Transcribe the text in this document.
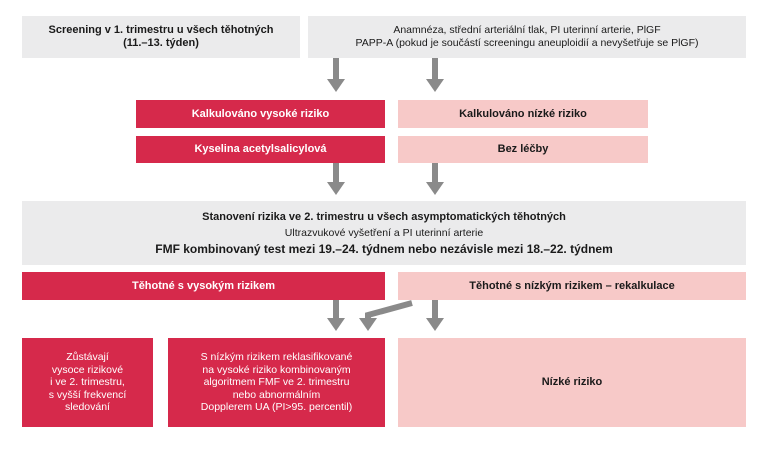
Screening v 1. trimestru u všech těhotných
(11.–13. týden)
Anamnéza, střední arteriální tlak, PI uterinní arterie, PlGF
PAPP-A (pokud je součástí screeningu aneuploidií a nevyšetřuje se PlGF)
Kalkulováno vysoké riziko	Kalkulováno nízké riziko
Kyselina acetylsalicylová	Bez léčby
Stanovení rizika ve 2. trimestru u všech asymptomatických těhotných
Ultrazvukové vyšetření a PI uterinní arterie
FMF kombinovaný test mezi 19.–24. týdnem nebo nezávisle mezi 18.–22. týdnem
Těhotné s vysokým rizikem	Těhotné s nízkým rizikem – rekalkulace
Zůstávají
vysoce rizikové
i ve 2. trimestru,
s vyšší frekvencí
sledování
S nízkým rizikem reklasifikované
na vysoké riziko kombinovaným
algoritmem FMF ve 2. trimestru
nebo abnormálním
Dopplerem UA (PI>95. percentil)
Nízké riziko
